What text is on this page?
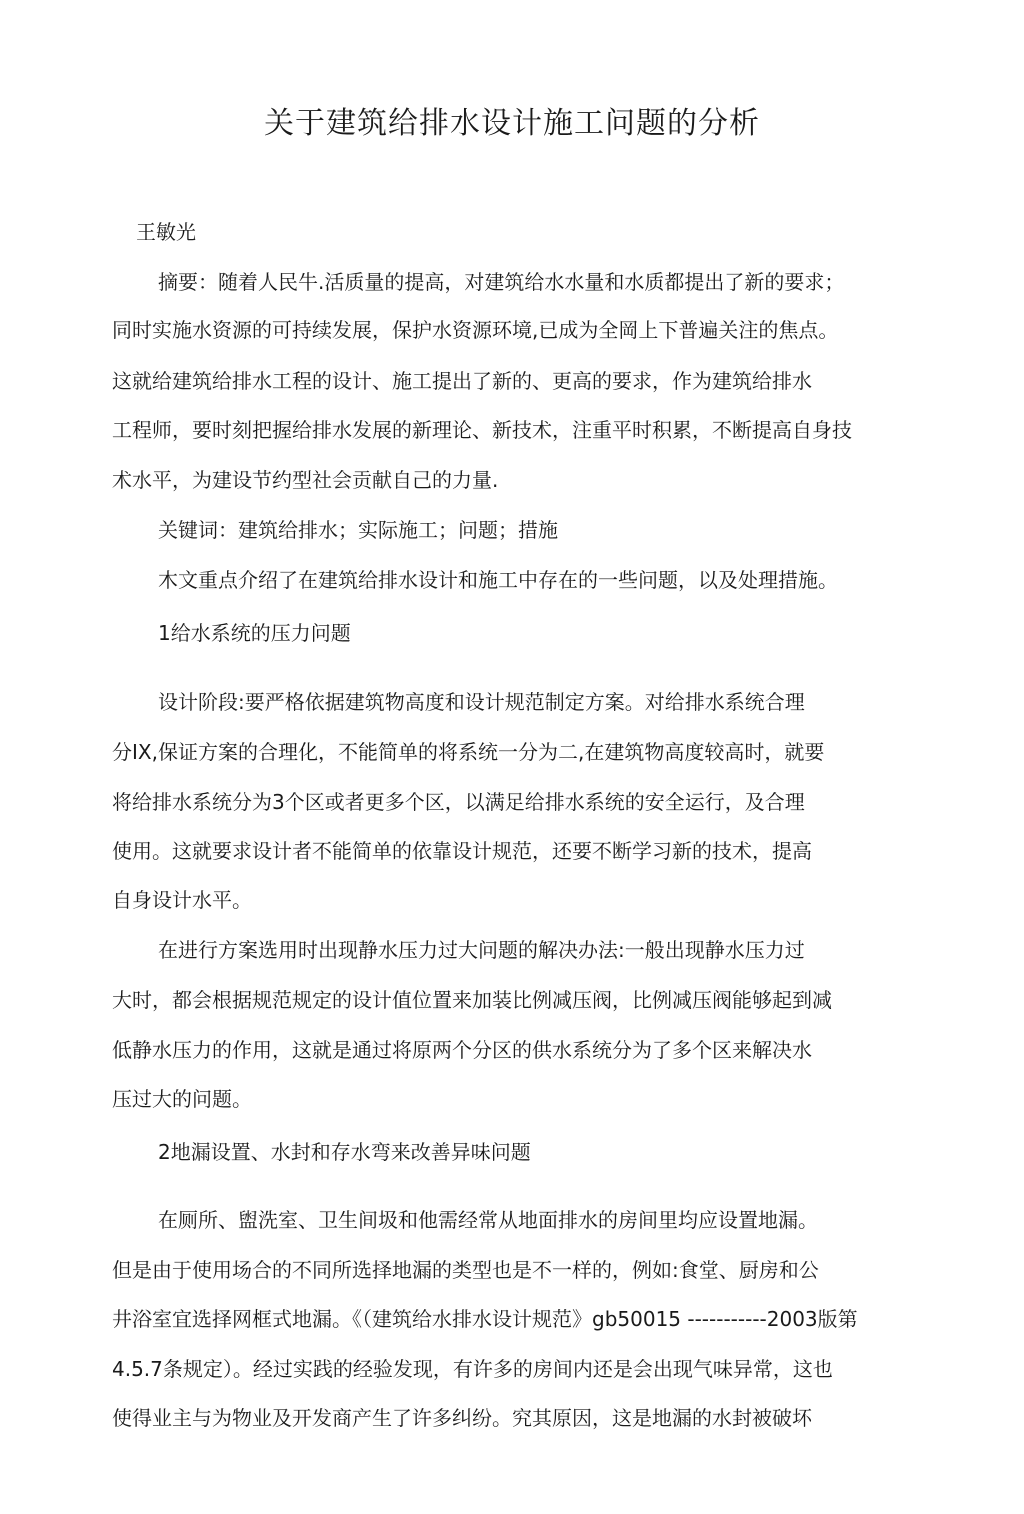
关于建筑给排水设计施工问题的分析
王敏光
摘要：随着人民牛.活质量的提高，对建筑给水水量和水质都提出了新的要求；
同时实施水资源的可持续发展，保护水资源环境,已成为全岡上下普遍关注的焦点。
这就给建筑给排水工程的设计、施工提出了新的、更高的要求，作为建筑给排水
工程师，要时刻把握给排水发展的新理论、新技术，注重平时积累，不断提高自身技
术水平，为建设节约型社会贡献自己的力量.
关键词：建筑给排水；实际施工；问题；措施
木文重点介绍了在建筑给排水设计和施工中存在的一些问题，以及处理措施。
1给水系统的压力问题
设计阶段:要严格依据建筑物高度和设计规范制定方案。对给排水系统合理
分IX,保证方案的合理化，不能简单的将系统一分为二,在建筑物高度较高时，就要
将给排水系统分为3个区或者更多个区，以满足给排水系统的安全运行，及合理
使用。这就要求设计者不能简单的依靠设计规范，还要不断学习新的技术，提高
自身设计水平。
在进行方案选用时出现静水压力过大问题的解决办法:一般出现静水压力过
大时，都会根据规范规定的设计值位置来加装比例减压阀，比例减压阀能够起到减
低静水压力的作用，这就是通过将原两个分区的供水系统分为了多个区来解决水
压过大的问题。
2地漏设置、水封和存水弯来改善异味问题
在厕所、盥洗室、卫生间圾和他需经常从地面排水的房间里均应设置地漏。
但是由于使用场合的不同所选择地漏的类型也是不一样的，例如:食堂、厨房和公
井浴室宜选择网框式地漏。《（建筑给水排水设计规范》gb50015 -----------2003版第
4.5.7条规定）。经过实践的经验发现，有许多的房间内还是会出现气味异常，这也
使得业主与为物业及开发商产生了许多纠纷。究其原因，这是地漏的水封被破坏
